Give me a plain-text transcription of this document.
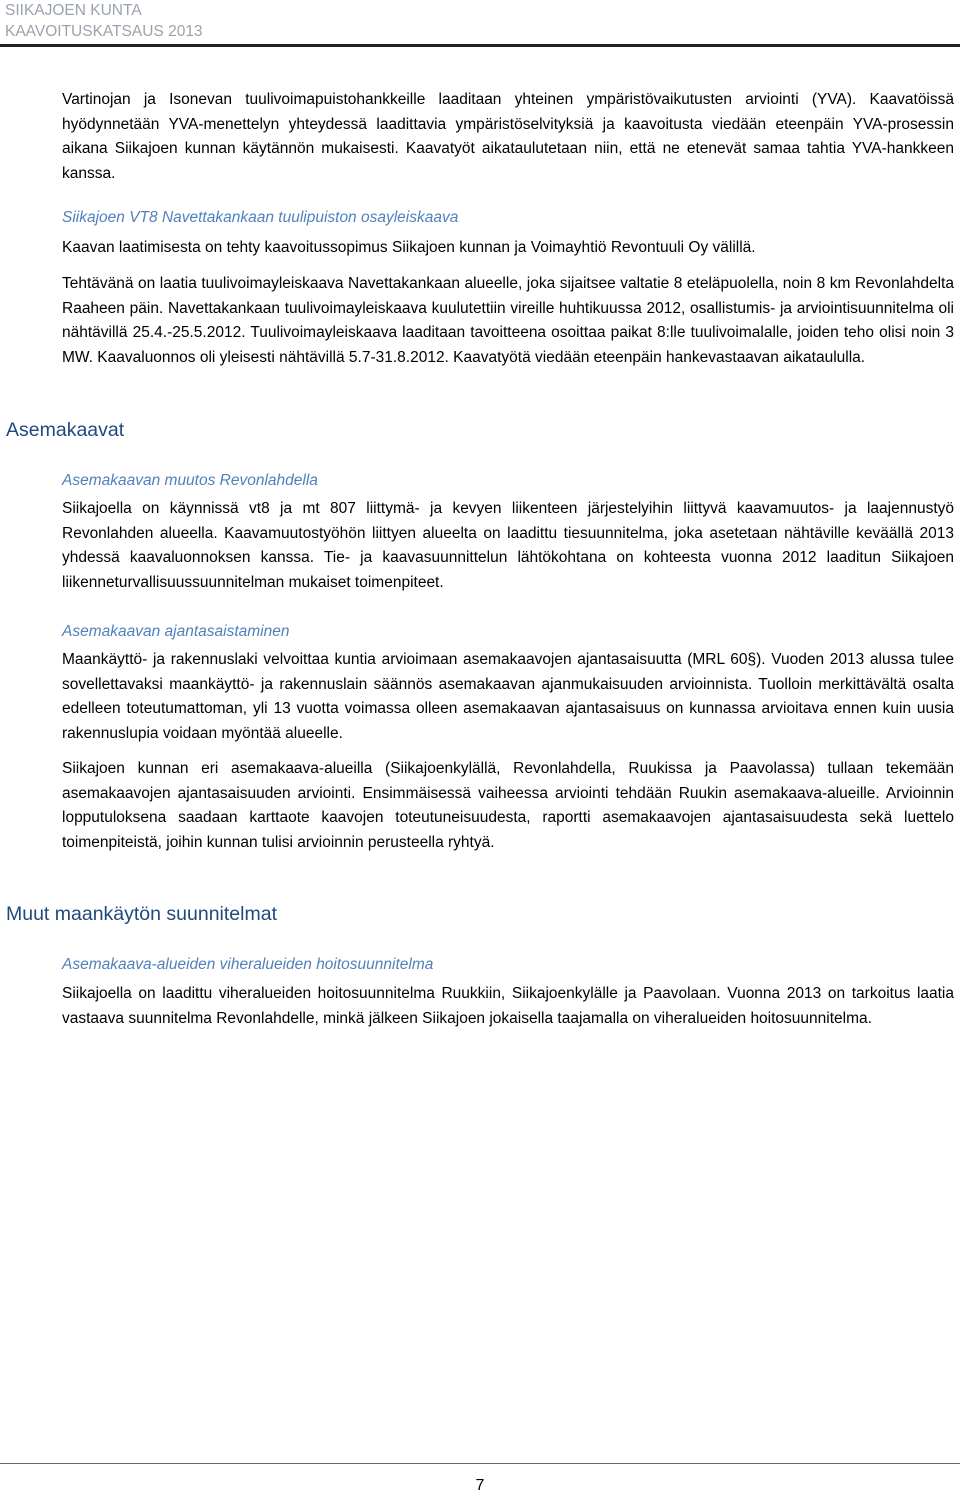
SIIKAJOEN KUNTA
KAAVOITUSKATSAUS 2013

Vartinojan ja Isonevan tuulivoimapuistohankkeille laaditaan yhteinen ympäristövaikutusten arviointi (YVA). Kaavatöissä hyödynnetään YVA-menettelyn yhteydessä laadittavia ympäristöselvityksiä ja kaavoitusta viedään eteenpäin YVA-prosessin aikana Siikajoen kunnan käytännön mukaisesti. Kaavatyöt aikataulutetaan niin, että ne etenevät samaa tahtia YVA-hankkeen kanssa.

Siikajoen VT8 Navettakankaan tuulipuiston osayleiskaava

Kaavan laatimisesta on tehty kaavoitussopimus Siikajoen kunnan ja Voimayhtiö Revontuuli Oy välillä.

Tehtävänä on laatia tuulivoimayleiskaava Navettakankaan alueelle, joka sijaitsee valtatie 8 eteläpuolella, noin 8 km Revonlahdelta Raaheen päin. Navettakankaan tuulivoimayleiskaava kuulutettiin vireille huhtikuussa 2012, osallistumis- ja arviointisuunnitelma oli nähtävillä 25.4.-25.5.2012. Tuulivoimayleiskaava laaditaan tavoitteena osoittaa paikat 8:lle tuulivoimalalle, joiden teho olisi noin 3 MW. Kaavaluonnos oli yleisesti nähtävillä 5.7-31.8.2012. Kaavatyötä viedään eteenpäin hankevastaavan aikataululla.

Asemakaavat

Asemakaavan muutos Revonlahdella

Siikajoella on käynnissä vt8 ja mt 807 liittymä- ja kevyen liikenteen järjestelyihin liittyvä kaavamuutos- ja laajennustyö Revonlahden alueella. Kaavamuutostyöhön liittyen alueelta on laadittu tiesuunnitelma, joka asetetaan nähtäville keväällä 2013 yhdessä kaavaluonnoksen kanssa. Tie- ja kaavasuunnittelun lähtökohtana on kohteesta vuonna 2012 laaditun Siikajoen liikenneturvallisuussuunnitelman mukaiset toimenpiteet.

Asemakaavan ajantasaistaminen

Maankäyttö- ja rakennuslaki velvoittaa kuntia arvioimaan asemakaavojen ajantasaisuutta (MRL 60§). Vuoden 2013 alussa tulee sovellettavaksi maankäyttö- ja rakennuslain säännös asemakaavan ajanmukaisuuden arvioinnista. Tuolloin merkittävältä osalta edelleen toteutumattoman, yli 13 vuotta voimassa olleen asemakaavan ajantasaisuus on kunnassa arvioitava ennen kuin uusia rakennuslupia voidaan myöntää alueelle.

Siikajoen kunnan eri asemakaava-alueilla (Siikajoenkylällä, Revonlahdella, Ruukissa ja Paavolassa) tullaan tekemään asemakaavojen ajantasaisuuden arviointi. Ensimmäisessä vaiheessa arviointi tehdään Ruukin asemakaava-alueille. Arvioinnin lopputuloksena saadaan karttaote kaavojen toteutuneisuudesta, raportti asemakaavojen ajantasaisuudesta sekä luettelo toimenpiteistä, joihin kunnan tulisi arvioinnin perusteella ryhtyä.

Muut maankäytön suunnitelmat

Asemakaava-alueiden viheralueiden hoitosuunnitelma

Siikajoella on laadittu viheralueiden hoitosuunnitelma Ruukkiin, Siikajoenkylälle ja Paavolaan. Vuonna 2013 on tarkoitus laatia vastaava suunnitelma Revonlahdelle, minkä jälkeen Siikajoen jokaisella taajamalla on viheralueiden hoitosuunnitelma.

7
